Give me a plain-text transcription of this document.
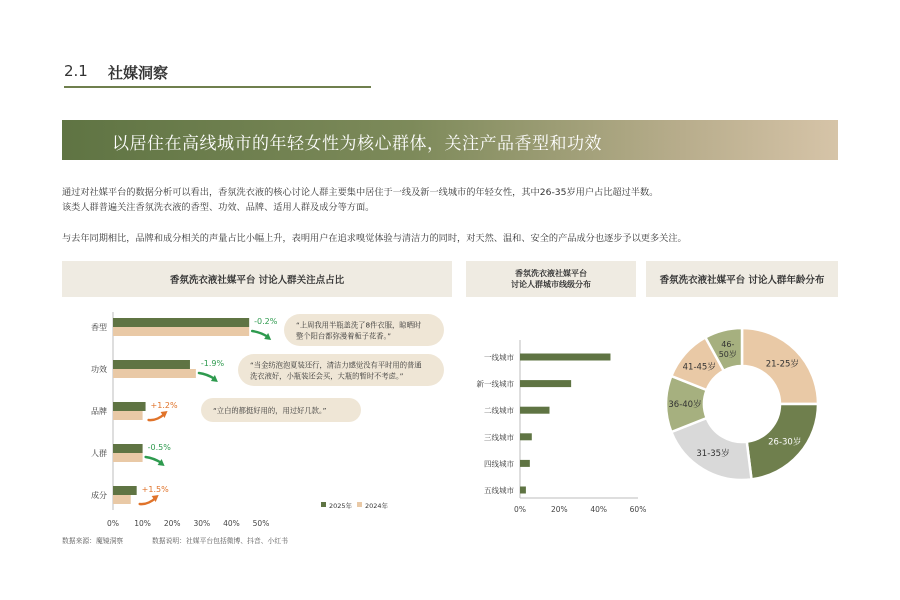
2.1 社媒洞察
以居住在高线城市的年轻女性为核心群体，关注产品香型和功效
通过对社媒平台的数据分析可以看出，香氛洗衣液的核心讨论人群主要集中居住于一线及新一线城市的年轻女性，其中26-35岁用户占比超过半数。
该类人群普遍关注香氛洗衣液的香型、功效、品牌、适用人群及成分等方面。
与去年同期相比，品牌和成分相关的声量占比小幅上升，表明用户在追求嗅觉体验与清洁力的同时，对天然、温和、安全的产品成分也逐步予以更多关注。
香氛洗衣液社媒平台 讨论人群关注点占比
香氛洗衣液社媒平台
讨论人群城市线级分布	香氛洗衣液社媒平台 讨论人群年龄分布
0% 10% 20% 30% 40% 50%
香型
-0.2%
功效
-1.9%
品牌
+1.2%
人群
-0.5%
成分
+1.5%
“上周我用半瓶盖洗了8件衣服，晾晒时
整个阳台都弥漫着栀子花香。”
“当金纺泡泡夏装还行，清洁力感觉没有平时用的普通
洗衣液好，小瓶装还会买，大瓶的暂时不考虑。”
“立白的都挺好用的，用过好几款。”
2025年 2024年	0%	20%	40%	60%
一线城市
新一线城市
二线城市
三线城市
四线城市
五线城市
21-25岁
26-30岁
31-35岁
36-40岁
41-45岁
46-
50岁
数据来源：魔镜洞察	数据说明：社媒平台包括微博、抖音、小红书
